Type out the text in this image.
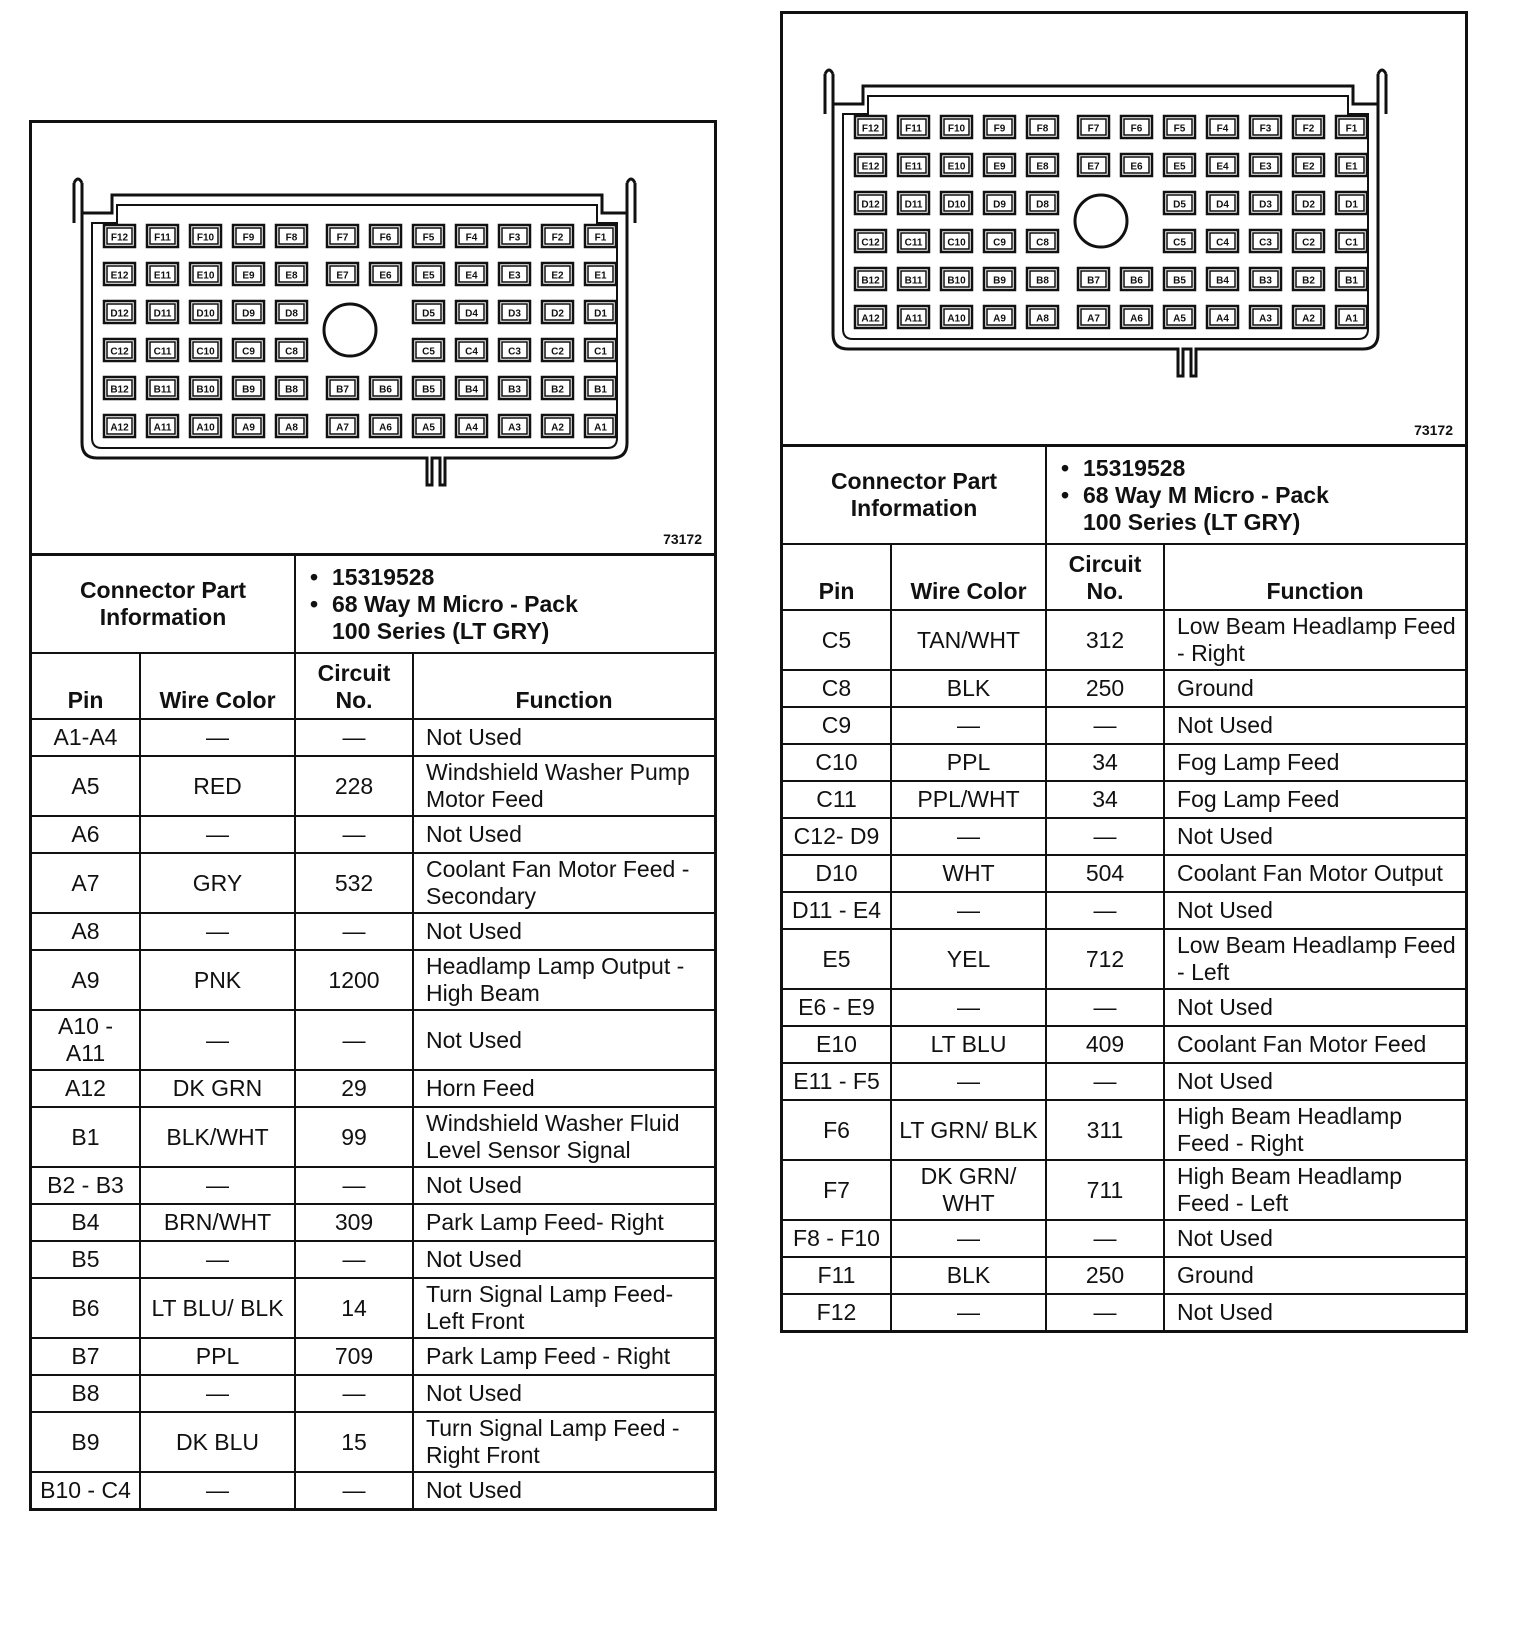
F12	F11	F10	F9	F8	F7	F6	F5	F4	F3	F2	F1
E12	E11	E10	E9	E8	E7	E6	E5	E4	E3	E2	E1
D12 D11 D10	D9	D8	D5	D4	D3	D2	D1
C12 C11 C10	C9	C8	C5	C4	C3	C2	C1
B12 B11 B10	B9	B8	B7	B6	B5	B4	B3	B2	B1
A12 A11 A10	A9	A8	A7	A6	A5	A4	A3	A2	A1
73172
Connector Part Information		• 15319528
• 68 Way M Micro - Pack
100 Series (LT GRY)

Pin	Wire Color	Circuit No.	Function
A1-A4	—	—	Not Used
A5	RED	228	Windshield Washer Pump Motor Feed
A6	—	—	Not Used
A7	GRY	532	Coolant Fan Motor Feed - Secondary
A8	—	—	Not Used
A9	PNK	1200	Headlamp Lamp Output - High Beam
A10 - A11	—	—	Not Used
A12	DK GRN	29	Horn Feed
B1	BLK/WHT	99	Windshield Washer Fluid Level Sensor Signal
B2 - B3	—	—	Not Used
B4	BRN/WHT	309	Park Lamp Feed- Right
B5	—	—	Not Used
B6	LT BLU/ BLK	14	Turn Signal Lamp Feed-Left Front
B7	PPL	709	Park Lamp Feed - Right
B8	—	—	Not Used
B9	DK BLU	15	Turn Signal Lamp Feed - Right Front
B10 - C4	—	—	Not Used
F12	F11	F10	F9	F8	F7	F6	F5	F4	F3	F2	F1
E12	E11	E10	E9	E8	E7	E6	E5	E4	E3	E2	E1
D12 D11 D10	D9	D8	D5	D4	D3	D2	D1
C12 C11 C10	C9	C8	C5	C4	C3	C2	C1
B12 B11 B10	B9	B8	B7	B6	B5	B4	B3	B2	B1
A12 A11 A10	A9	A8	A7	A6	A5	A4	A3	A2	A1
73172
Connector Part Information		• 15319528
• 68 Way M Micro - Pack
100 Series (LT GRY)

Pin	Wire Color	Circuit No.	Function
C5	TAN/WHT	312	Low Beam Headlamp Feed - Right
C8	BLK	250	Ground
C9	—	—	Not Used
C10	PPL	34	Fog Lamp Feed
C11	PPL/WHT	34	Fog Lamp Feed
C12- D9	—	—	Not Used
D10	WHT	504	Coolant Fan Motor Output
D11 - E4	—	—	Not Used
E5	YEL	712	Low Beam Headlamp Feed - Left
E6 - E9	—	—	Not Used
E10	LT BLU	409	Coolant Fan Motor Feed
E11 - F5	—	—	Not Used
F6	LT GRN/ BLK	311	High Beam Headlamp Feed - Right
F7	DK GRN/ WHT	711	High Beam Headlamp Feed - Left
F8 - F10	—	—	Not Used
F11	BLK	250	Ground
F12	—	—	Not Used
